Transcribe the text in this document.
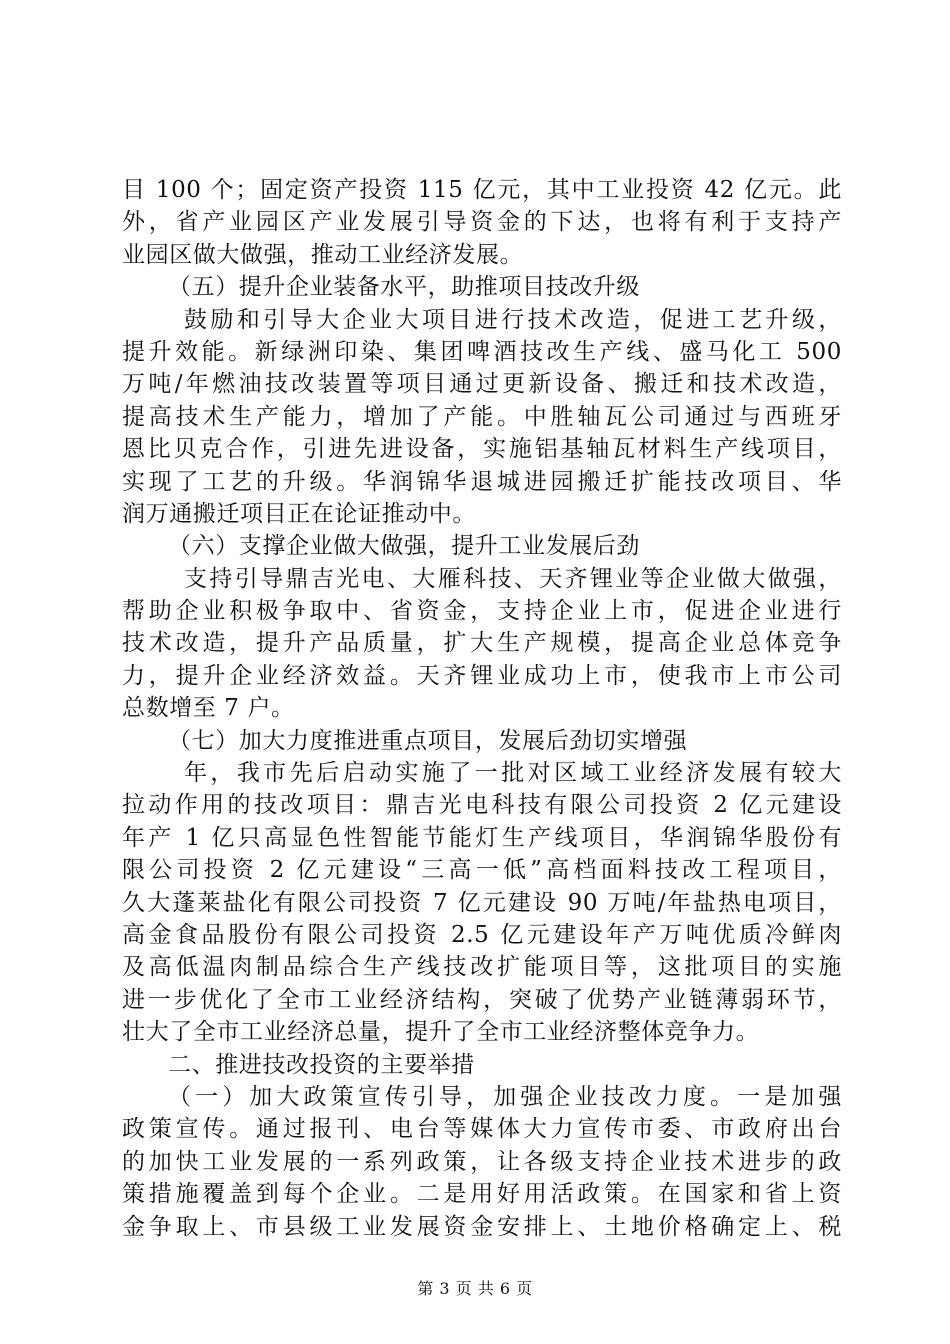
目 100 个；固定资产投资 115 亿元，其中工业投资 42 亿元。此
外，省产业园区产业发展引导资金的下达，也将有利于支持产
业园区做大做强，推动工业经济发展。
（五）提升企业装备水平，助推项目技改升级
鼓励和引导大企业大项目进行技术改造，促进工艺升级，
提升效能。新绿洲印染、集团啤酒技改生产线、盛马化工 500
万吨/年燃油技改装置等项目通过更新设备、搬迁和技术改造，
提高技术生产能力，增加了产能。中胜轴瓦公司通过与西班牙
恩比贝克合作，引进先进设备，实施铝基轴瓦材料生产线项目，
实现了工艺的升级。华润锦华退城进园搬迁扩能技改项目、华
润万通搬迁项目正在论证推动中。
（六）支撑企业做大做强，提升工业发展后劲
支持引导鼎吉光电、大雁科技、天齐锂业等企业做大做强，
帮助企业积极争取中、省资金，支持企业上市，促进企业进行
技术改造，提升产品质量，扩大生产规模，提高企业总体竞争
力，提升企业经济效益。天齐锂业成功上市，使我市上市公司
总数增至 7 户。
（七）加大力度推进重点项目，发展后劲切实增强
年，我市先后启动实施了一批对区域工业经济发展有较大
拉动作用的技改项目：鼎吉光电科技有限公司投资 2 亿元建设
年产 1 亿只高显色性智能节能灯生产线项目，华润锦华股份有
限公司投资 2 亿元建设“三高一低”高档面料技改工程项目，
久大蓬莱盐化有限公司投资 7 亿元建设 90 万吨/年盐热电项目，
高金食品股份有限公司投资 2.5 亿元建设年产万吨优质冷鲜肉
及高低温肉制品综合生产线技改扩能项目等，这批项目的实施
进一步优化了全市工业经济结构，突破了优势产业链薄弱环节，
壮大了全市工业经济总量，提升了全市工业经济整体竞争力。
二、推进技改投资的主要举措
（一）加大政策宣传引导，加强企业技改力度。一是加强
政策宣传。通过报刊、电台等媒体大力宣传市委、市政府出台
的加快工业发展的一系列政策，让各级支持企业技术进步的政
策措施覆盖到每个企业。二是用好用活政策。在国家和省上资
金争取上、市县级工业发展资金安排上、土地价格确定上、税
第 3 页 共 6 页
